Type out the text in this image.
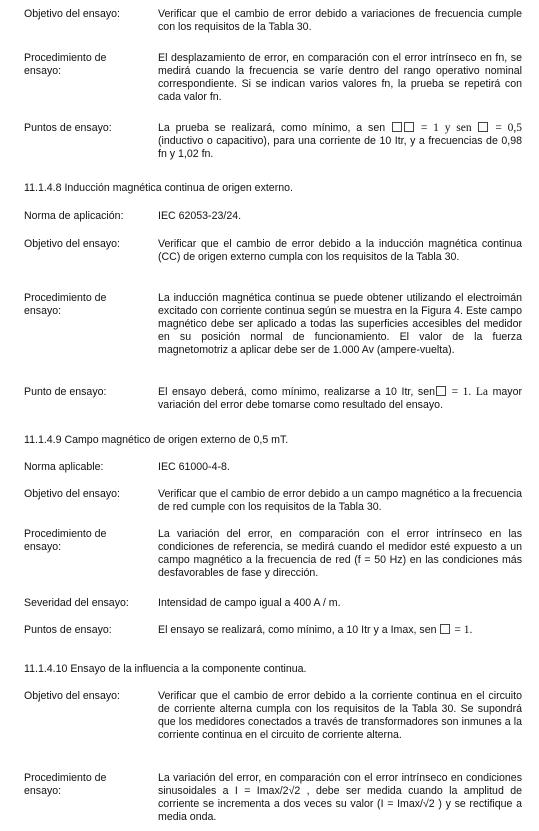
Objetivo del ensayo:	Verificar que el cambio de error debido a variaciones de frecuencia cumple con los requisitos de la Tabla 30.
Procedimiento de ensayo:
El desplazamiento de error, en comparación con el error intrínseco en fn, se medirá cuando la frecuencia se varíe dentro del rango operativo nominal correspondiente. Si se indican varios valores fn, la prueba se repetirá con cada valor fn.
Puntos de ensayo:	La prueba se realizará, como mínimo, a sen	= 1 y sen = 0,5 (inductivo o capacitivo), para una corriente de 10 Itr, y a frecuencias de 0,98 fn y 1,02 fn.
11.1.4.8 Inducción magnética continua de origen externo.
Norma de aplicación:	IEC 62053-23/24.
Objetivo del ensayo:	Verificar que el cambio de error debido a la inducción magnética continua (CC) de origen externo cumpla con los requisitos de la Tabla 30.
Procedimiento de ensayo:
La inducción magnética continua se puede obtener utilizando el electroimán excitado con corriente continua según se muestra en la Figura 4. Este campo magnético debe ser aplicado a todas las superficies accesibles del medidor en su posición normal de funcionamiento. El valor de la fuerza magnetomotriz a aplicar debe ser de 1.000 Av (ampere-vuelta).
Punto de ensayo:	El ensayo deberá, como mínimo, realizarse a 10 Itr, sen = 1. La mayor variación del error debe tomarse como resultado del ensayo.
11.1.4.9 Campo magnético de origen externo de 0,5 mT.
Norma aplicable:	IEC 61000-4-8.
Objetivo del ensayo:	Verificar que el cambio de error debido a un campo magnético a la frecuencia de red cumple con los requisitos de la Tabla 30.
Procedimiento de ensayo:
La variación del error, en comparación con el error intrínseco en las condiciones de referencia, se medirá cuando el medidor esté expuesto a un campo magnético a la frecuencia de red (f = 50 Hz) en las condiciones más desfavorables de fase y dirección.
Severidad del ensayo:	Intensidad de campo igual a 400 A / m.
Puntos de ensayo:	El ensayo se realizará, como mínimo, a 10 Itr y a Imax, sen = 1.
11.1.4.10 Ensayo de la influencia a la componente continua.
Objetivo del ensayo:	Verificar que el cambio de error debido a la corriente continua en el circuito de corriente alterna cumpla con los requisitos de la Tabla 30. Se supondrá que los medidores conectados a través de transformadores son inmunes a la corriente continua en el circuito de corriente alterna.
Procedimiento de ensayo:
La variación del error, en comparación con el error intrínseco en condiciones sinusoidales a I = Imax/2√2 , debe ser medida cuando la amplitud de corriente se incrementa a dos veces su valor (I = Imax/√2 ) y se rectifique a media onda.
